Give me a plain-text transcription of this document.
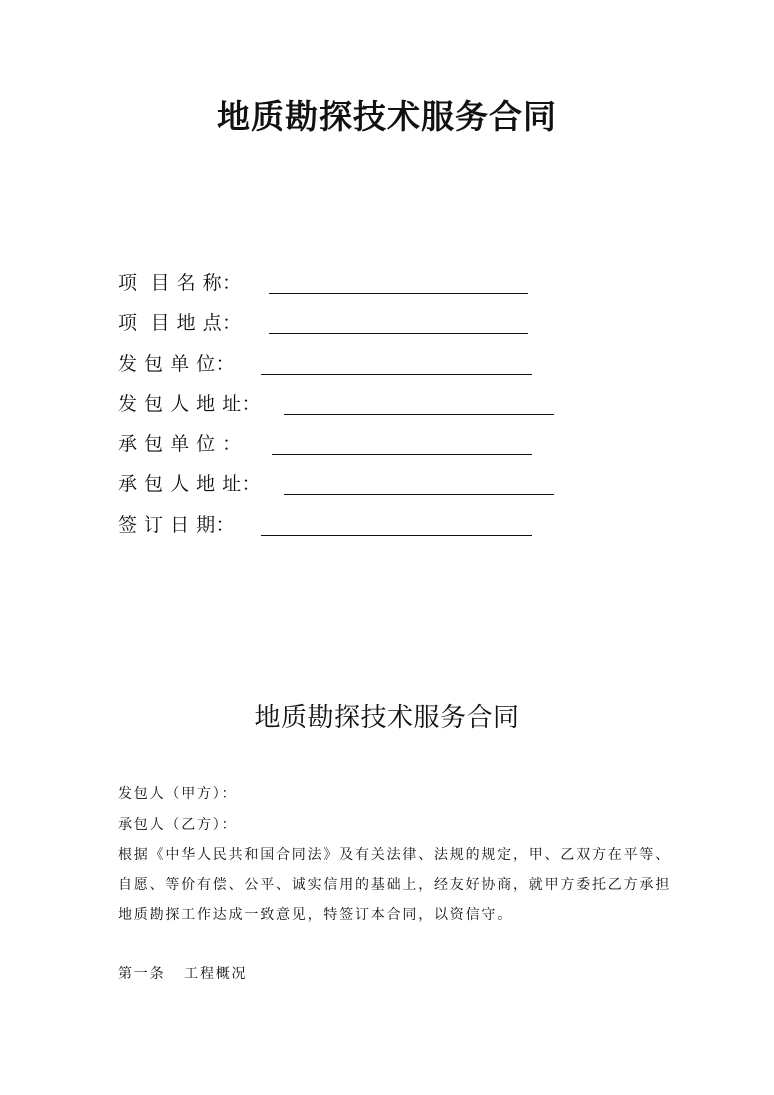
地质勘探技术服务合同
项  目 名 称：
项  目 地 点：
发 包 单 位：
发 包 人 地 址：
承 包 单 位 ：
承 包 人 地 址：
签 订 日 期：
地质勘探技术服务合同
发包人（甲方）：
承包人（乙方）：
根据《中华人民共和国合同法》及有关法律、法规的规定，甲、乙双方在平等、
自愿、等价有偿、公平、诚实信用的基础上，经友好协商，就甲方委托乙方承担
地质勘探工作达成一致意见，特签订本合同，以资信守。
第一条   工程概况
